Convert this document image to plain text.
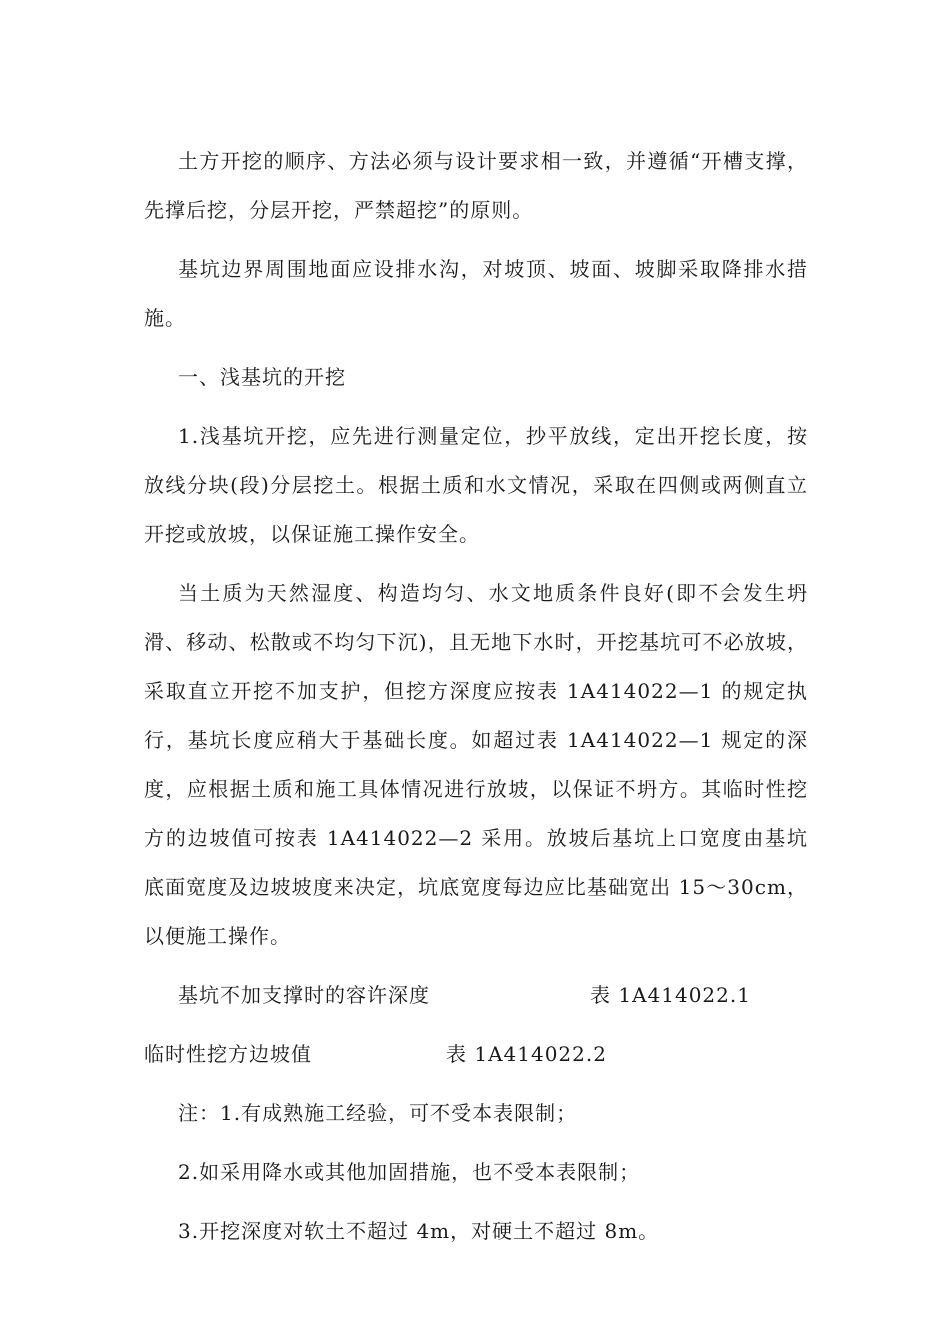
土方开挖的顺序、方法必须与设计要求相一致，并遵循“开槽支撑，先撑后挖，分层开挖，严禁超挖”的原则。

基坑边界周围地面应设排水沟，对坡顶、坡面、坡脚采取降排水措施。

一、浅基坑的开挖

1.浅基坑开挖，应先进行测量定位，抄平放线，定出开挖长度，按放线分块(段)分层挖土。根据土质和水文情况，采取在四侧或两侧直立开挖或放坡，以保证施工操作安全。

当土质为天然湿度、构造均匀、水文地质条件良好(即不会发生坍滑、移动、松散或不均匀下沉)，且无地下水时，开挖基坑可不必放坡，采取直立开挖不加支护，但挖方深度应按表 1A414022—1 的规定执行，基坑长度应稍大于基础长度。如超过表 1A414022—1 规定的深度，应根据土质和施工具体情况进行放坡，以保证不坍方。其临时性挖方的边坡值可按表 1A414022—2 采用。放坡后基坑上口宽度由基坑底面宽度及边坡坡度来决定，坑底宽度每边应比基础宽出 15～30cm，以便施工操作。

基坑不加支撑时的容许深度	表 1A414022.1
临时性挖方边坡值	表 1A414022.2

注：1.有成熟施工经验，可不受本表限制；

2.如采用降水或其他加固措施，也不受本表限制；

3.开挖深度对软土不超过 4m，对硬土不超过 8m。
